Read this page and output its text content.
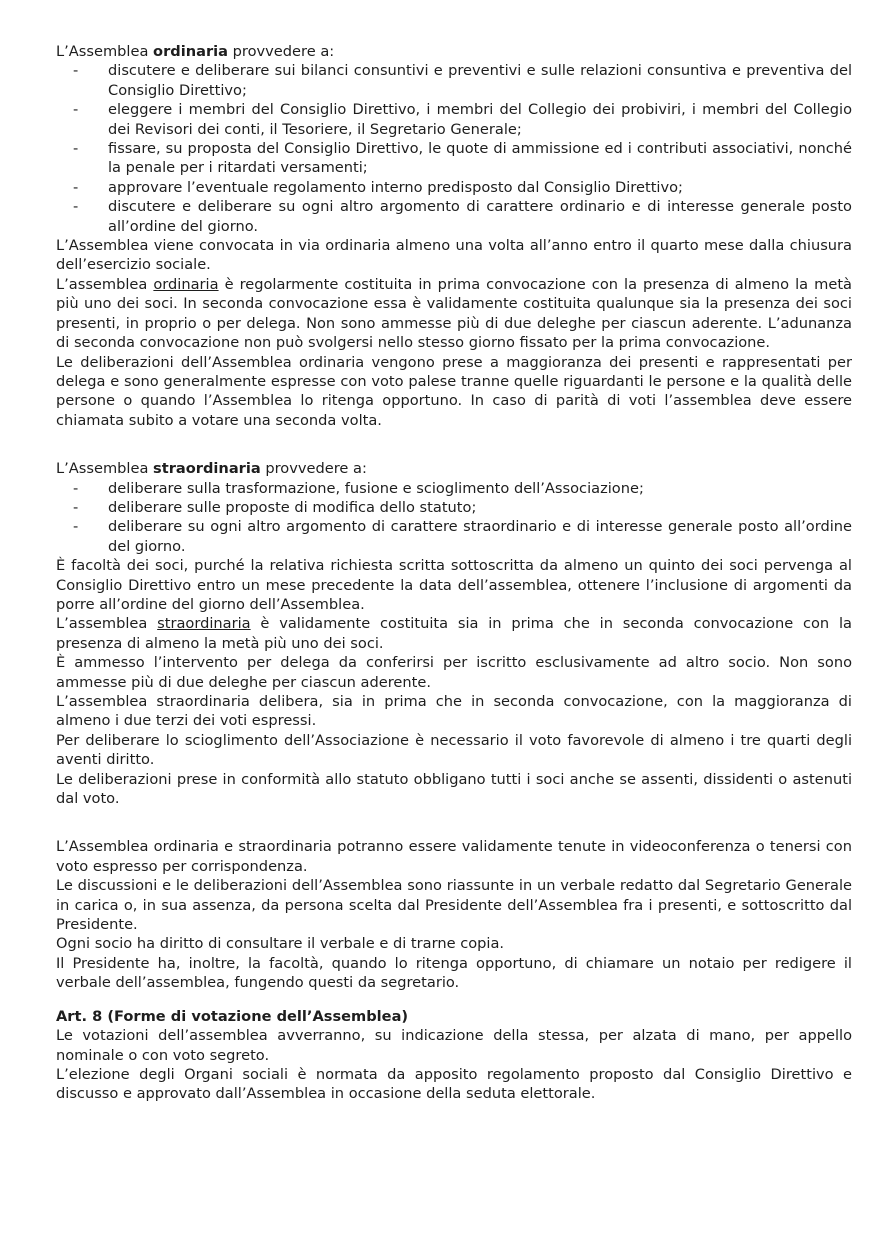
L’Assemblea ordinaria provvedere a:

- discutere e deliberare sui bilanci consuntivi e preventivi e sulle relazioni consuntiva e preventiva del Consiglio Direttivo;
- eleggere i membri del Consiglio Direttivo, i membri del Collegio dei probiviri, i membri del Collegio dei Revisori dei conti, il Tesoriere, il Segretario Generale;
- fissare, su proposta del Consiglio Direttivo, le quote di ammissione ed i contributi associativi, nonché la penale per i ritardati versamenti;
- approvare l’eventuale regolamento interno predisposto dal Consiglio Direttivo;
- discutere e deliberare su ogni altro argomento di carattere ordinario e di interesse generale posto all’ordine del giorno.

L’Assemblea viene convocata in via ordinaria almeno una volta all’anno entro il quarto mese dalla chiusura dell’esercizio sociale.

L’assemblea ordinaria è regolarmente costituita in prima convocazione con la presenza di almeno la metà più uno dei soci. In seconda convocazione essa è validamente costituita qualunque sia la presenza dei soci presenti, in proprio o per delega. Non sono ammesse più di due deleghe per ciascun aderente. L’adunanza di seconda convocazione non può svolgersi nello stesso giorno fissato per la prima convocazione.

Le deliberazioni dell’Assemblea ordinaria vengono prese a maggioranza dei presenti e rappresentati per delega e sono generalmente espresse con voto palese tranne quelle riguardanti le persone e la qualità delle persone o quando l’Assemblea lo ritenga opportuno. In caso di parità di voti l’assemblea deve essere chiamata subito a votare una seconda volta.

L’Assemblea straordinaria provvedere a:

- deliberare sulla trasformazione, fusione e scioglimento dell’Associazione;
- deliberare sulle proposte di modifica dello statuto;
- deliberare su ogni altro argomento di carattere straordinario e di interesse generale posto all’ordine del giorno.

È facoltà dei soci, purché la relativa richiesta scritta sottoscritta da almeno un quinto dei soci pervenga al Consiglio Direttivo entro un mese precedente la data dell’assemblea, ottenere l’inclusione di argomenti da porre all’ordine del giorno dell’Assemblea.

L’assemblea straordinaria è validamente costituita sia in prima che in seconda convocazione con la presenza di almeno la metà più uno dei soci.

È ammesso l’intervento per delega da conferirsi per iscritto esclusivamente ad altro socio. Non sono ammesse più di due deleghe per ciascun aderente.

L’assemblea straordinaria delibera, sia in prima che in seconda convocazione, con la maggioranza di almeno i due terzi dei voti espressi.

Per deliberare lo scioglimento dell’Associazione è necessario il voto favorevole di almeno i tre quarti degli aventi diritto.

Le deliberazioni prese in conformità allo statuto obbligano tutti i soci anche se assenti, dissidenti o astenuti dal voto.

L’Assemblea ordinaria e straordinaria potranno essere validamente tenute in videoconferenza o tenersi con voto espresso per corrispondenza.

Le discussioni e le deliberazioni dell’Assemblea sono riassunte in un verbale redatto dal Segretario Generale in carica o, in sua assenza, da persona scelta dal Presidente dell’Assemblea fra i presenti, e sottoscritto dal Presidente.

Ogni socio ha diritto di consultare il verbale e di trarne copia.

Il Presidente ha, inoltre, la facoltà, quando lo ritenga opportuno, di chiamare un notaio per redigere il verbale dell’assemblea, fungendo questi da segretario.

Art. 8 (Forme di votazione dell’Assemblea)

Le votazioni dell’assemblea avverranno, su indicazione della stessa, per alzata di mano, per appello nominale o con voto segreto.

L’elezione degli Organi sociali è normata da apposito regolamento proposto dal Consiglio Direttivo e discusso e approvato dall’Assemblea in occasione della seduta elettorale.
